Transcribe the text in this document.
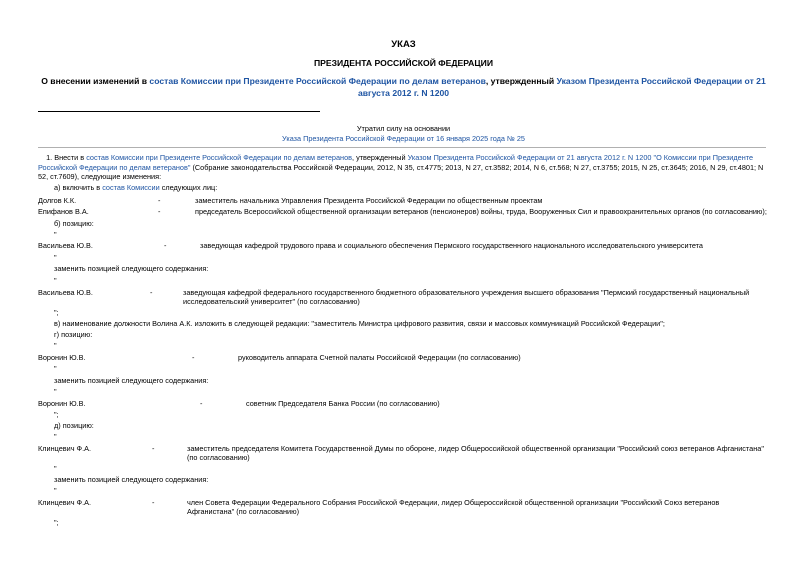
УКАЗ
ПРЕЗИДЕНТА РОССИЙСКОЙ ФЕДЕРАЦИИ
О внесении изменений в состав Комиссии при Президенте Российской Федерации по делам ветеранов, утвержденный Указом Президента Российской Федерации от 21 августа 2012 г. N 1200
Утратил силу на основании
Указа Президента Российской Федерации от 16 января 2025 года № 25
1. Внести в состав Комиссии при Президенте Российской Федерации по делам ветеранов, утвержденный Указом Президента Российской Федерации от 21 августа 2012 г. N 1200 "О Комиссии при Президенте Российской Федерации по делам ветеранов" (Собрание законодательства Российской Федерации, 2012, N 35, ст.4775; 2013, N 27, ст.3582; 2014, N 6, ст.568; N 27, ст.3755; 2015, N 25, ст.3645; 2016, N 29, ст.4801; N 52, ст.7609), следующие изменения:
а) включить в состав Комиссии следующих лиц:
Долгов К.К.	-	заместитель начальника Управления Президента Российской Федерации по общественным проектам
Епифанов В.А.	-	председатель Всероссийской общественной организации ветеранов (пенсионеров) войны, труда, Вооруженных Сил и правоохранительных органов (по согласованию);
б) позицию:
"
Васильева Ю.В.	-	заведующая кафедрой трудового права и социального обеспечения Пермского государственного национального исследовательского университета
"
заменить позицией следующего содержания:
"
Васильева Ю.В.	-	заведующая кафедрой федерального государственного бюджетного образовательного учреждения высшего образования "Пермский государственный национальный исследовательский университет" (по согласованию)
";
в) наименование должности Волина А.К. изложить в следующей редакции: "заместитель Министра цифрового развития, связи и массовых коммуникаций Российской Федерации";
г) позицию:
"
Воронин Ю.В.	-	руководитель аппарата Счетной палаты Российской Федерации (по согласованию)
"
заменить позицией следующего содержания:
"
Воронин Ю.В.	-	советник Председателя Банка России (по согласованию)
";
д) позицию:
"
Клинцевич Ф.А.	-	заместитель председателя Комитета Государственной Думы по обороне, лидер Общероссийской общественной организации "Российский союз ветеранов Афганистана" (по согласованию)
"
заменить позицией следующего содержания:
"
Клинцевич Ф.А.	-	член Совета Федерации Федерального Собрания Российской Федерации, лидер Общероссийской общественной организации "Российский Союз ветеранов Афганистана" (по согласованию)
";
